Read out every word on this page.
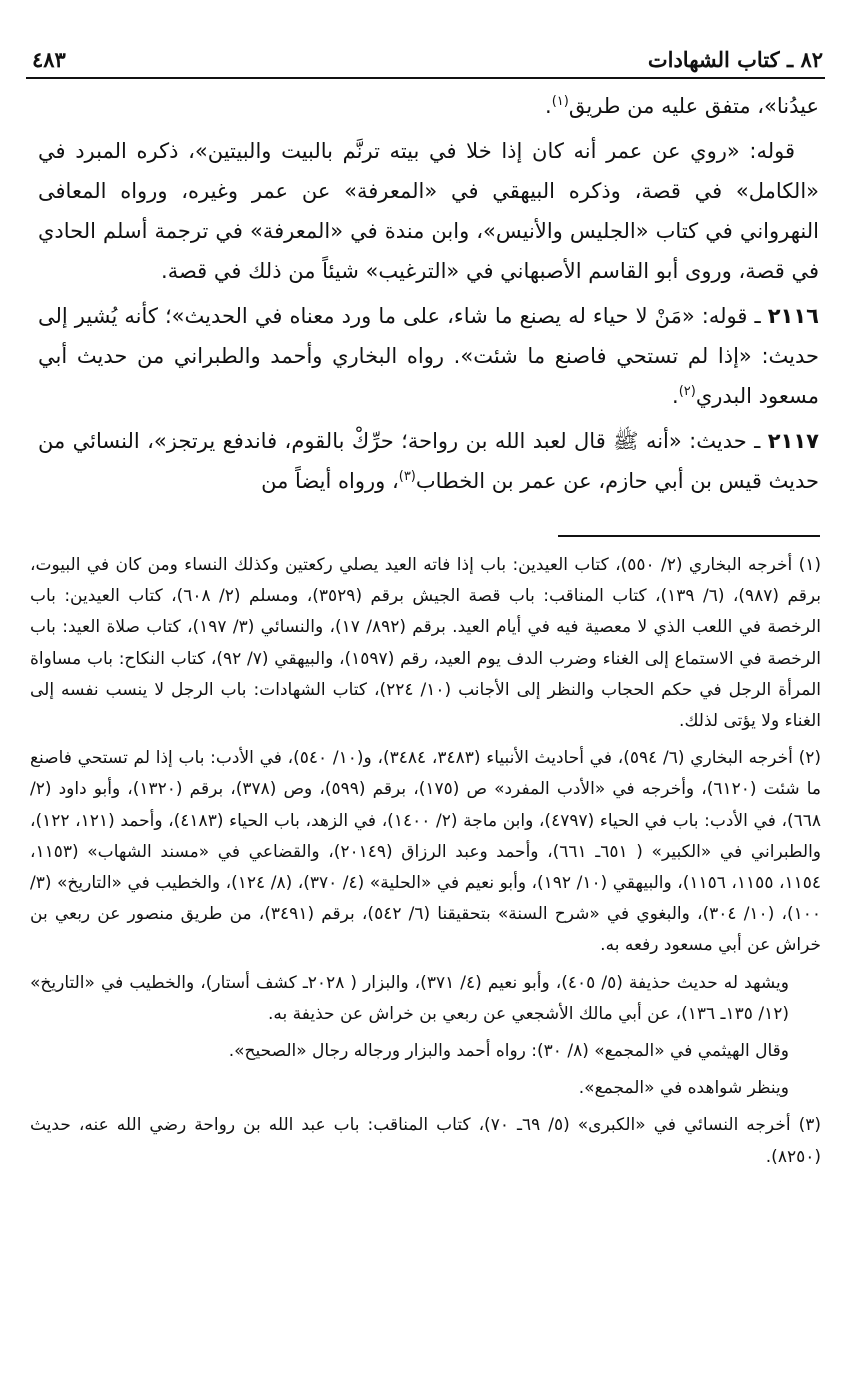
٨٢ ـ كتاب الشهادات
٤٨٣

عيدُنا»، متفق عليه من طريق$^{(١)}$.

قوله: «روي عن عمر أنه كان إذا خلا في بيته ترنَّم بالبيت والبيتين»، ذكره المبرد في «الكامل» في قصة، وذكره البيهقي في «المعرفة» عن عمر وغيره، ورواه المعافى النهرواني في كتاب «الجليس والأنيس»، وابن مندة في «المعرفة» في ترجمة أسلم الحادي في قصة، وروى أبو القاسم الأصبهاني في «الترغيب» شيئاً من ذلك في قصة.

٢١١٦ ـ قوله: «مَنْ لا حياء له يصنع ما شاء، على ما ورد معناه في الحديث»؛ كأنه يُشير إلى حديث: «إذا لم تستحي فاصنع ما شئت». رواه البخاري وأحمد والطبراني من حديث أبي مسعود البدري$^{(٢)}$.

٢١١٧ ـ حديث: «أنه ﷺ قال لعبد الله بن رواحة؛ حرِّكْ بالقوم، فاندفع يرتجز»، النسائي من حديث قيس بن أبي حازم، عن عمر بن الخطاب$^{(٣)}$، ورواه أيضاً من

(١) أخرجه البخاري (٢/ ٥٥٠)، كتاب العيدين: باب إذا فاته العيد يصلي ركعتين وكذلك النساء ومن كان في البيوت، برقم (٩٨٧)، (٦/ ١٣٩)، كتاب المناقب: باب قصة الجيش برقم (٣٥٢٩)، ومسلم (٢/ ٦٠٨)، كتاب العيدين: باب الرخصة في اللعب الذي لا معصية فيه في أيام العيد. برقم (٨٩٢/ ١٧)، والنسائي (٣/ ١٩٧)، كتاب صلاة العيد: باب الرخصة في الاستماع إلى الغناء وضرب الدف يوم العيد، رقم (١٥٩٧)، والبيهقي (٧/ ٩٢)، كتاب النكاح: باب مساواة المرأة الرجل في حكم الحجاب والنظر إلى الأجانب (١٠/ ٢٢٤)، كتاب الشهادات: باب الرجل لا ينسب نفسه إلى الغناء ولا يؤتى لذلك.

(٢) أخرجه البخاري (٦/ ٥٩٤)، في أحاديث الأنبياء (٣٤٨٣، ٣٤٨٤)، و(١٠/ ٥٤٠)، في الأدب: باب إذا لم تستحي فاصنع ما شئت (٦١٢٠)، وأخرجه في «الأدب المفرد» ص (١٧٥)، برقم (٥٩٩)، وص (٣٧٨)، برقم (١٣٢٠)، وأبو داود (٢/ ٦٦٨)، في الأدب: باب في الحياء (٤٧٩٧)، وابن ماجة (٢/ ١٤٠٠)، في الزهد، باب الحياء (٤١٨٣)، وأحمد (١٢١، ١٢٢)، والطبراني في «الكبير» ( ٦٥١ـ ٦٦١)، وأحمد وعبد الرزاق (٢٠١٤٩)، والقضاعي في «مسند الشهاب» (١١٥٣، ١١٥٤، ١١٥٥، ١١٥٦)، والبيهقي (١٠/ ١٩٢)، وأبو نعيم في «الحلية» (٤/ ٣٧٠)، (٨/ ١٢٤)، والخطيب في «التاريخ» (٣/ ١٠٠)، (١٠/ ٣٠٤)، والبغوي في «شرح السنة» بتحقيقنا (٦/ ٥٤٢)، برقم (٣٤٩١)، من طريق منصور عن ربعي بن خراش عن أبي مسعود رفعه به.

ويشهد له حديث حذيفة (٥/ ٤٠٥)، وأبو نعيم (٤/ ٣٧١)، والبزار ( ٢٠٢٨ـ كشف أستار)، والخطيب في «التاريخ» (١٢/ ١٣٥ـ ١٣٦)، عن أبي مالك الأشجعي عن ربعي بن خراش عن حذيفة به.

وقال الهيثمي في «المجمع» (٨/ ٣٠): رواه أحمد والبزار ورجاله رجال «الصحيح».

وينظر شواهده في «المجمع».

(٣) أخرجه النسائي في «الكبرى» (٥/ ٦٩ـ ٧٠)، كتاب المناقب: باب عبد الله بن رواحة رضي الله عنه، حديث (٨٢٥٠).
